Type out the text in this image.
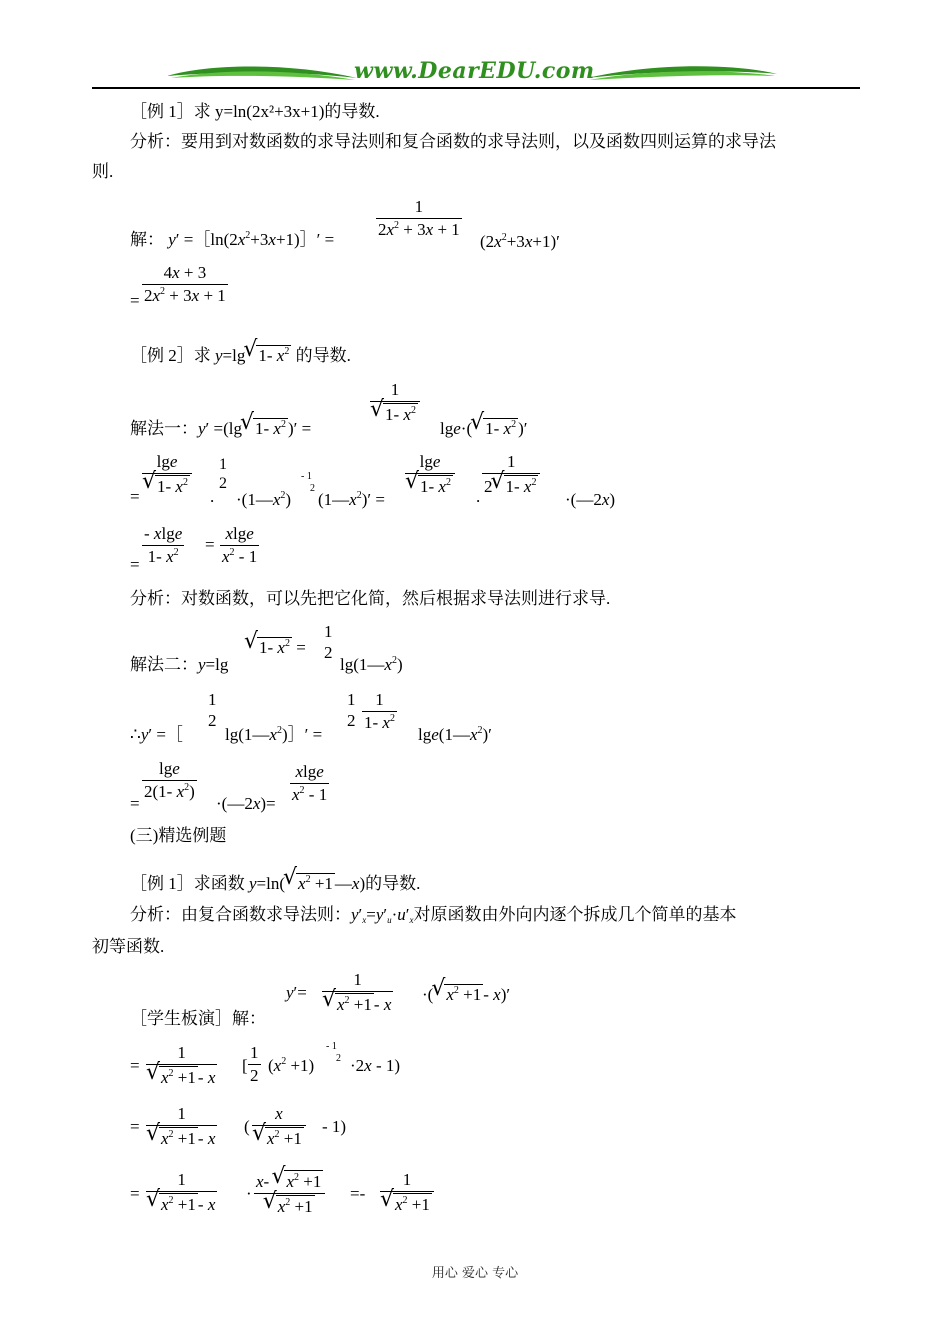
www.DearEDU.com
［例 1］求 y=ln(2x²+3x+1)的导数.
分析：要用到对数函数的求导法则和复合函数的求导法则，以及函数四则运算的求导法
则.
解： $y' =[\ln(2x^2+3x+1)]'$ =
1
$2x^2 + 3x + 1$
$(2x^2+3x+1)'$
=
4x + 3
$2x^2 + 3x + 1$
［例 2］求 y=lg √ 1- $x^2$ 的导数.
解法一：y′ =(lg √ 1- $x^2$ )′ =
1
√ 1- $x^2$
lge·( √ 1- $x^2$ )′
=
lge
√ 1- $x^2$
.
1
2
$\cdot(1—x^2)$
- 1
2
$(1—x^2)'$ =
lge
√ 1- $x^2$
.
1
2 √ 1- $x^2$
·(—2x)
=
- xlge
1- $x^2$	=
xlge
$x^2 - 1$
分析：对数函数，可以先把它化简，然后根据求导法则进行求导.
解法二：y=lg
√ 1- $x^2$ =
1
2
$\lg(1—x^2)$
∴y′ =［
1
2
$\lg(1—x^2)]'$ =
1
2
1
1- $x^2$
$\lg e(1—x^2)'$
=
lge
2(1- $x^2$)
·(—2x)=
xlge
$x^2 - 1$
(三)精选例题
［例 1］求函数 y=ln( √ $x^2 +1$ —x)的导数.
分析：由复合函数求导法则：$y'_x=y'_u\cdot u'_x$对原函数由外向内逐个拆成几个简单的基本
初等函数.
y′=
1
√ $x^2 +1 - x$
·( √ $x^2 +1 - x)'$
［学生板演］解：
=
1
√ $x^2 +1 - x$
[
1
2
$(x^2 +1)$
- 1
2 ·2x - 1)
=
1
√ $x^2 +1 - x$
(
x
√ $x^2 +1$
- 1)
=
1
√ $x^2 +1 - x$
·
x- √ $x^2 +1$
√ $x^2 +1$
=-
1
√ $x^2 +1$
用心 爱心 专心
